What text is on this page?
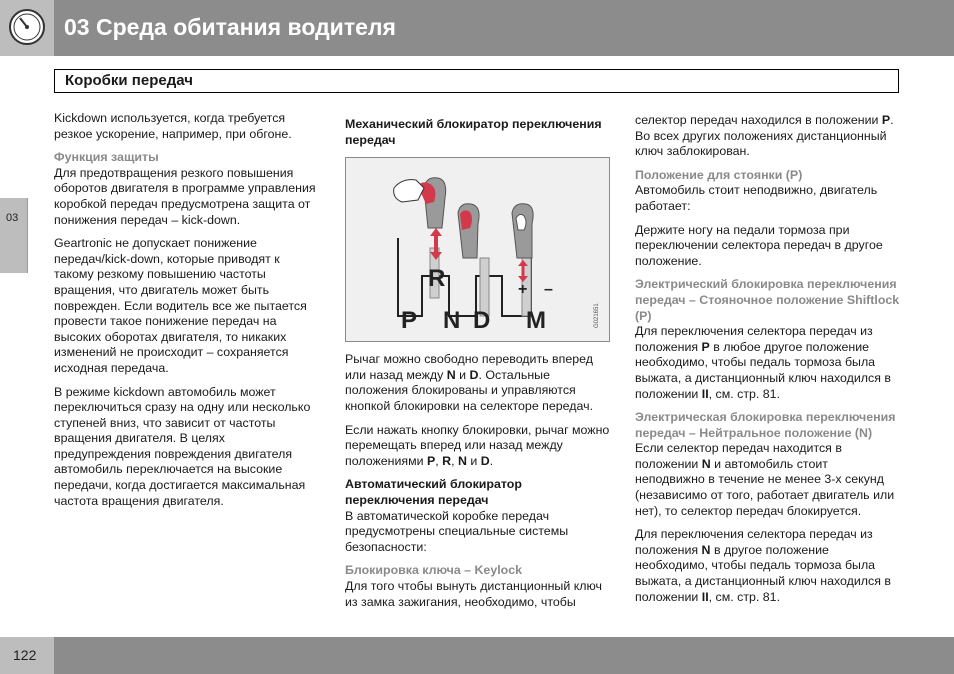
03 Среда обитания водителя
Коробки передач
03

Kickdown используется, когда требуется резкое ускорение, например, при обгоне.

Функция защиты

Для предотвращения резкого повышения оборотов двигателя в программе управления коробкой передач предусмотрена защита от понижения передач – kick-down.

Geartronic не допускает понижение передач/kick-down, которые приводят к такому резкому повышению частоты вращения, что двигатель может быть поврежден. Если водитель все же пытается провести такое понижение передач на высоких оборотах двигателя, то никаких изменений не происходит – сохраняется исходная передача.

В режиме kickdown автомобиль может переключиться сразу на одну или несколько ступеней вниз, что зависит от частоты вращения двигателя. В целях предупреждения повреждения двигателя автомобиль переключается на высокие передачи, когда достигается максимальная частота вращения двигателя.

Механический блокиратор переключения передач

R	+ –
P N D M	G021651

Рычаг можно свободно переводить вперед или назад между N и D. Остальные положения блокированы и управляются кнопкой блокировки на селекторе передач.

Если нажать кнопку блокировки, рычаг можно перемещать вперед или назад между положениями P, R, N и D.

Автоматический блокиратор переключения передач

В автоматической коробке передач предусмотрены специальные системы безопасности:

Блокировка ключа – Keylock

Для того чтобы вынуть дистанционный ключ из замка зажигания, необходимо, чтобы

селектор передач находился в положении P. Во всех других положениях дистанционный ключ заблокирован.

Положение для стоянки (P)

Автомобиль стоит неподвижно, двигатель работает:

Держите ногу на педали тормоза при переключении селектора передач в другое положение.

Электрический блокировка переключения передач – Стояночное положение Shiftlock (P)

Для переключения селектора передач из положения P в любое другое положение необходимо, чтобы педаль тормоза была выжата, а дистанционный ключ находился в положении II, см. стр. 81.

Электрическая блокировка переключения передач – Нейтральное положение (N)

Если селектор передач находится в положении N и автомобиль стоит неподвижно в течение не менее 3-х секунд (независимо от того, работает двигатель или нет), то селектор передач блокируется.

Для переключения селектора передач из положения N в другое положение необходимо, чтобы педаль тормоза была выжата, а дистанционный ключ находился в положении II, см. стр. 81.

122
